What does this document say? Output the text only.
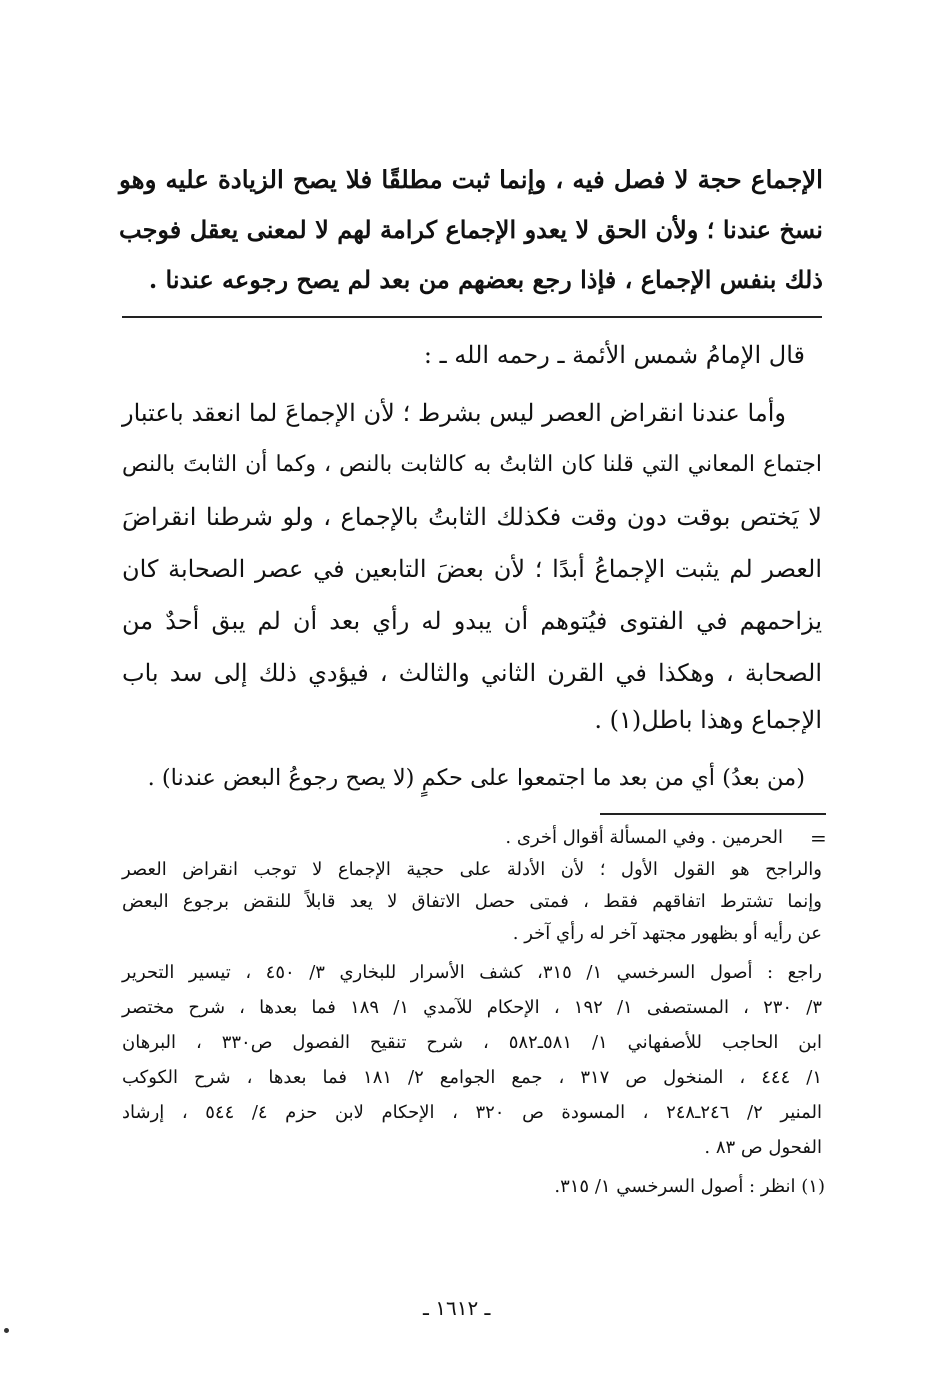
الإجماع حجة لا فصل فيه ، وإنما ثبت مطلقًا فلا يصح الزيادة عليه وهو
نسخ عندنا ؛ ولأن الحق لا يعدو الإجماع كرامة لهم لا لمعنى يعقل فوجب
ذلك بنفس الإجماع ، فإذا رجع بعضهم من بعد لم يصح رجوعه عندنا .
قال الإمامُ شمس الأئمة ـ رحمه الله ـ :
وأما عندنا انقراض العصر ليس بشرط ؛ لأن الإجماعَ لما انعقد باعتبار
اجتماع المعاني التي قلنا كان الثابتُ به كالثابت بالنص ، وكما أن الثابتَ بالنص
لا يَختص بوقت دون وقت فكذلك الثابتُ بالإجماع ، ولو شرطنا انقراضَ
العصر لم يثبت الإجماعُ أبدًا ؛ لأن بعضَ التابعين في عصر الصحابة كان
يزاحمهم في الفتوى فيُتوهم أن يبدو له رأي بعد أن لم يبق أحدٌ من
الصحابة ، وهكذا في القرن الثاني والثالث ، فيؤدي ذلك إلى سد باب
الإجماع وهذا باطل(١) .
(من بعدُ) أي من بعد ما اجتمعوا على حكمٍ (لا يصح رجوعُ البعض عندنا) .
=
الحرمين . وفي المسألة أقوال أخرى .
والراجح هو القول الأول ؛ لأن الأدلة على حجية الإجماع لا توجب انقراض العصر
وإنما تشترط اتفاقهم فقط ، فمتى حصل الاتفاق لا يعد قابلاً للنقض برجوع البعض
عن رأيه أو بظهور مجتهد آخر له رأي آخر .
راجع : أصول السرخسي ١/ ٣١٥، كشف الأسرار للبخاري ٣/ ٤٥٠ ، تيسير التحرير
٣/ ٢٣٠ ، المستصفى ١/ ١٩٢ ، الإحكام للآمدي ١/ ١٨٩ فما بعدها ، شرح مختصر
ابن الحاجب للأصفهاني ١/ ٥٨١ـ٥٨٢ ، شرح تنقيح الفصول ص٣٣٠ ، البرهان
١/ ٤٤٤ ، المنخول ص ٣١٧ ، جمع الجوامع ٢/ ١٨١ فما بعدها ، شرح الكوكب
المنير ٢/ ٢٤٦ـ٢٤٨ ، المسودة ص ٣٢٠ ، الإحكام لابن حزم ٤/ ٥٤٤ ، إرشاد
الفحول ص ٨٣ .
(١) انظر : أصول السرخسي ١/ ٣١٥.
ـ ١٦١٢ ـ
